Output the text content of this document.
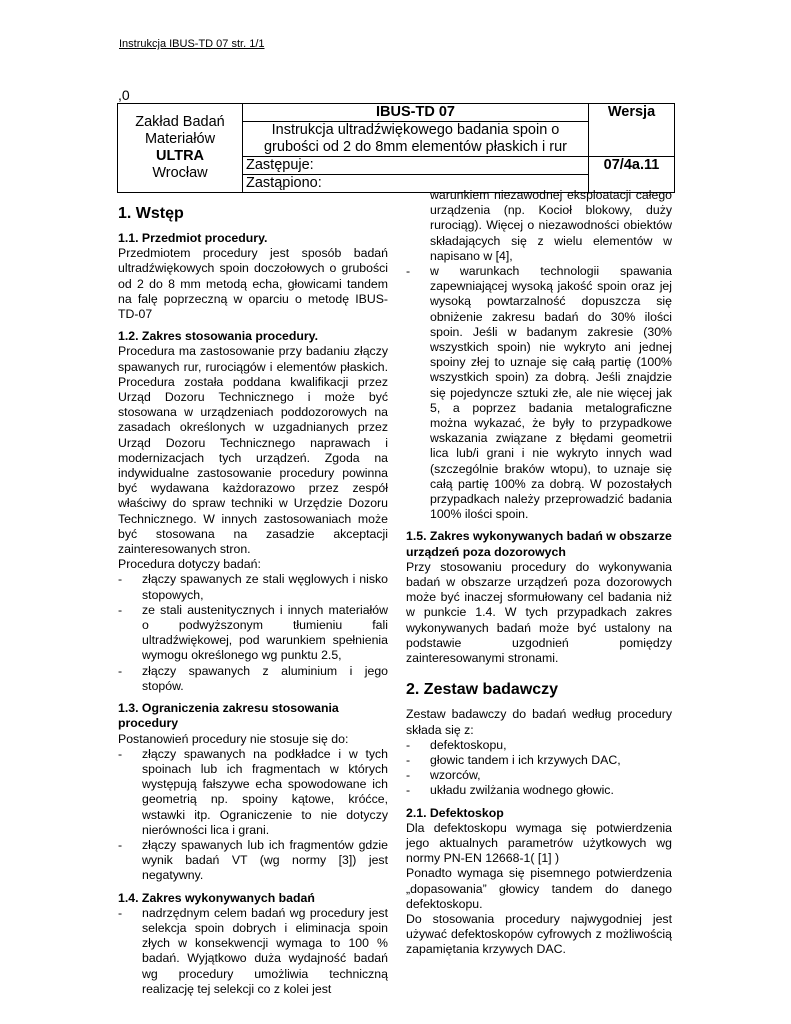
Instrukcja IBUS-TD 07 str. 1/1
,0
Zakład Badań
Materiałów
ULTRA
Wrocław	IBUS-TD 07	Wersja
	Instrukcja ultradźwiękowego badania spoin o grubości od 2 do 8mm elementów płaskich i rur	
	Zastępuje:	07/4a.11
	Zastąpiono:	
1. Wstęp
1.1. Przedmiot procedury.

Przedmiotem procedury jest sposób badań ultradźwiękowych spoin doczołowych o grubości od 2 do 8 mm metodą echa, głowicami tandem na falę poprzeczną w oparciu o metodę IBUS-TD-07

1.2. Zakres stosowania procedury.

Procedura ma zastosowanie przy badaniu złączy spawanych rur, rurociągów i elementów płaskich. Procedura została poddana kwalifikacji przez Urząd Dozoru Technicznego i może być stosowana w urządzeniach poddozorowych na zasadach określonych w uzgadnianych przez Urząd Dozoru Technicznego naprawach i modernizacjach tych urządzeń. Zgoda na indywidualne zastosowanie procedury powinna być wydawana każdorazowo przez zespół właściwy do spraw techniki w Urzędzie Dozoru Technicznego. W innych zastosowaniach może być stosowana na zasadzie akceptacji zainteresowanych stron.

Procedura dotyczy badań:

- złączy spawanych ze stali węglowych i nisko stopowych,
- ze stali austenitycznych i innych materiałów o podwyższonym tłumieniu fali ultradźwiękowej, pod warunkiem spełnienia wymogu określonego wg punktu 2.5,
- złączy spawanych z aluminium i jego stopów.
1.3. Ograniczenia zakresu stosowania procedury

Postanowień procedury nie stosuje się do:

- złączy spawanych na podkładce i w tych spoinach lub ich fragmentach w których występują fałszywe echa spowodowane ich geometrią np. spoiny kątowe, króćce, wstawki itp. Ograniczenie to nie dotyczy nierówności lica i grani.
- złączy spawanych lub ich fragmentów gdzie wynik badań VT (wg normy [3]) jest negatywny.
1.4. Zakres wykonywanych badań
- nadrzędnym celem badań wg procedury jest selekcja spoin dobrych i eliminacja spoin złych w konsekwencji wymaga to 100 % badań. Wyjątkowo duża wydajność badań wg procedury umożliwia techniczną realizację tej selekcji co z kolei jest
warunkiem niezawodnej eksploatacji całego urządzenia (np. Kocioł blokowy, duży rurociąg). Więcej o niezawodności obiektów składających się z wielu elementów w napisano w [4],
- w warunkach technologii spawania zapewniającej wysoką jakość spoin oraz jej wysoką powtarzalność dopuszcza się obniżenie zakresu badań do 30% ilości spoin. Jeśli w badanym zakresie (30% wszystkich spoin) nie wykryto ani jednej spoiny złej to uznaje się całą partię (100% wszystkich spoin) za dobrą. Jeśli znajdzie się pojedyncze sztuki złe, ale nie więcej jak 5, a poprzez badania metalograficzne można wykazać, że były to przypadkowe wskazania związane z błędami geometrii lica lub/i grani i nie wykryto innych wad (szczególnie braków wtopu), to uznaje się całą partię 100% za dobrą. W pozostałych przypadkach należy przeprowadzić badania 100% ilości spoin.
1.5. Zakres wykonywanych badań w obszarze urządzeń poza dozorowych

Przy stosowaniu procedury do wykonywania badań w obszarze urządzeń poza dozorowych może być inaczej sformułowany cel badania niż w punkcie 1.4. W tych przypadkach zakres wykonywanych badań może być ustalony na podstawie uzgodnień pomiędzy zainteresowanymi stronami.

2. Zestaw badawczy

Zestaw badawczy do badań według procedury składa się z:

- defektoskopu,
- głowic tandem i ich krzywych DAC,
- wzorców,
- układu zwilżania wodnego głowic.
2.1. Defektoskop

Dla defektoskopu wymaga się potwierdzenia jego aktualnych parametrów użytkowych wg normy PN-EN 12668-1( [1] )

Ponadto wymaga się pisemnego potwierdzenia „dopasowania” głowicy tandem do danego defektoskopu.

Do stosowania procedury najwygodniej jest używać defektoskopów cyfrowych z możliwością zapamiętania krzywych DAC.
